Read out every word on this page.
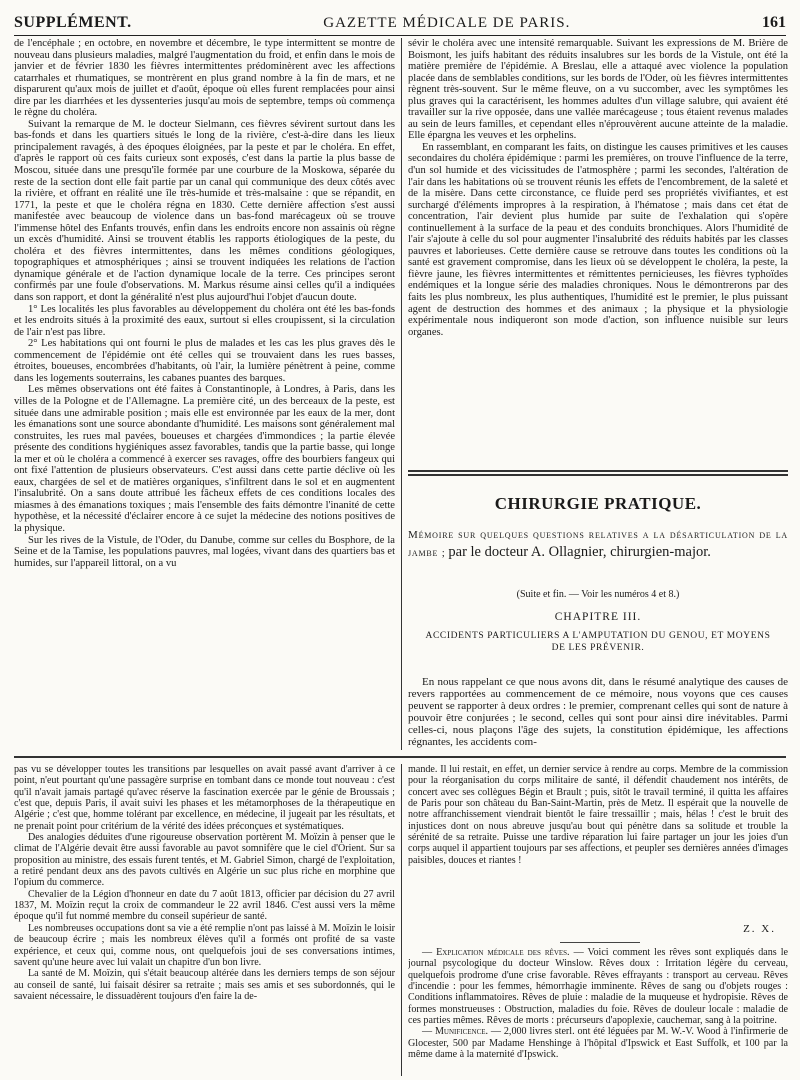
SUPPLÉMENT.	GAZETTE MÉDICALE DE PARIS.	161

de l'encéphale ; en octobre, en novembre et décembre, le type intermittent se montre de nouveau dans plusieurs maladies, malgré l'augmentation du froid, et enfin dans le mois de janvier et de février 1830 les fièvres intermittentes prédominèrent avec les affections catarrhales et rhumatiques, se montrèrent en plus grand nombre à la fin de mars, et ne disparurent qu'aux mois de juillet et d'août, époque où elles furent remplacées pour ainsi dire par les diarrhées et les dyssenteries jusqu'au mois de septembre, temps où commença le règne du choléra.

Suivant la remarque de M. le docteur Sielmann, ces fièvres sévirent surtout dans les bas-fonds et dans les quartiers situés le long de la rivière, c'est-à-dire dans les lieux principalement ravagés, à des époques éloignées, par la peste et par le choléra. En effet, d'après le rapport où ces faits curieux sont exposés, c'est dans la partie la plus basse de Moscou, située dans une presqu'île formée par une courbure de la Moskowa, séparée du reste de la section dont elle fait partie par un canal qui communique des deux côtés avec la rivière, et offrant en réalité une île très-humide et très-malsaine : que se répandit, en 1771, la peste et que le choléra régna en 1830. Cette dernière affection s'est aussi manifestée avec beaucoup de violence dans un bas-fond marécageux où se trouve l'immense hôtel des Enfants trouvés, enfin dans les endroits encore non assainis où règne un excès d'humidité. Ainsi se trouvent établis les rapports étiologiques de la peste, du choléra et des fièvres intermittentes, dans les mêmes conditions géologiques, topographiques et atmosphériques ; ainsi se trouvent indiquées les relations de l'action dynamique générale et de l'action dynamique locale de la terre. Ces principes seront confirmés par une foule d'observations. M. Markus résume ainsi celles qu'il a indiquées dans son rapport, et dont la généralité n'est plus aujourd'hui l'objet d'aucun doute.

1° Les localités les plus favorables au développement du choléra ont été les bas-fonds et les endroits situés à la proximité des eaux, surtout si elles croupissent, si la circulation de l'air n'est pas libre.

2° Les habitations qui ont fourni le plus de malades et les cas les plus graves dès le commencement de l'épidémie ont été celles qui se trouvaient dans les rues basses, étroites, boueuses, encombrées d'habitants, où l'air, la lumière pénètrent à peine, comme dans les logements souterrains, les cabanes puantes des barques.

Les mêmes observations ont été faites à Constantinople, à Londres, à Paris, dans les villes de la Pologne et de l'Allemagne. La première cité, un des berceaux de la peste, est située dans une admirable position ; mais elle est environnée par les eaux de la mer, dont les émanations sont une source abondante d'humidité. Les maisons sont généralement mal construites, les rues mal pavées, boueuses et chargées d'immondices ; la partie élevée présente des conditions hygiéniques assez favorables, tandis que la partie basse, qui longe la mer et où le choléra a commencé à exercer ses ravages, offre des bourbiers fangeux qui ont fixé l'attention de plusieurs observateurs. C'est aussi dans cette partie déclive où les eaux, chargées de sel et de matières organiques, s'infiltrent dans le sol et en augmentent l'insalubrité. On a sans doute attribué les fâcheux effets de ces conditions locales des miasmes à des émanations toxiques ; mais l'ensemble des faits démontre l'inanité de cette hypothèse, et la nécessité d'éclairer encore à ce sujet la médecine des notions positives de la physique.

Sur les rives de la Vistule, de l'Oder, du Danube, comme sur celles du Bosphore, de la Seine et de la Tamise, les populations pauvres, mal logées, vivant dans des quartiers bas et humides, sur l'appareil littoral, on a vu

sévir le choléra avec une intensité remarquable. Suivant les expressions de M. Brière de Boismont, les juifs habitant des réduits insalubres sur les bords de la Vistule, ont été la matière première de l'épidémie. A Breslau, elle a attaqué avec violence la population placée dans de semblables conditions, sur les bords de l'Oder, où les fièvres intermittentes règnent très-souvent. Sur le même fleuve, on a vu succomber, avec les symptômes les plus graves qui la caractérisent, les hommes adultes d'un village salubre, qui avaient été travailler sur la rive opposée, dans une vallée marécageuse ; tous étaient revenus malades au sein de leurs familles, et cependant elles n'éprouvèrent aucune atteinte de la maladie. Elle épargna les veuves et les orphelins.

En rassemblant, en comparant les faits, on distingue les causes primitives et les causes secondaires du choléra épidémique : parmi les premières, on trouve l'influence de la terre, d'un sol humide et des vicissitudes de l'atmosphère ; parmi les secondes, l'altération de l'air dans les habitations où se trouvent réunis les effets de l'encombrement, de la saleté et de la misère. Dans cette circonstance, ce fluide perd ses propriétés vivifiantes, et est surchargé d'éléments impropres à la respiration, à l'hématose ; mais dans cet état de concentration, l'air devient plus humide par suite de l'exhalation qui s'opère continuellement à la surface de la peau et des conduits bronchiques. Alors l'humidité de l'air s'ajoute à celle du sol pour augmenter l'insalubrité des réduits habités par les classes pauvres et laborieuses. Cette dernière cause se retrouve dans toutes les conditions où la santé est gravement compromise, dans les lieux où se développent le choléra, la peste, la fièvre jaune, les fièvres intermittentes et rémittentes pernicieuses, les fièvres typhoïdes endémiques et la longue série des maladies chroniques. Nous le démontrerons par des faits les plus nombreux, les plus authentiques, l'humidité est le premier, le plus puissant agent de destruction des hommes et des animaux ; la physique et la physiologie expérimentale nous indiqueront son mode d'action, son influence nuisible sur leurs organes.

CHIRURGIE PRATIQUE.
Mémoire sur quelques questions relatives a la désarticulation de la jambe ; par le docteur A. Ollagnier, chirurgien-major.
(Suite et fin. — Voir les numéros 4 et 8.)
CHAPITRE III.
ACCIDENTS PARTICULIERS A L'AMPUTATION DU GENOU, ET MOYENS DE LES PRÉVENIR.

En nous rappelant ce que nous avons dit, dans le résumé analytique des causes de revers rapportées au commencement de ce mémoire, nous voyons que ces causes peuvent se rapporter à deux ordres : le premier, comprenant celles qui sont de nature à pouvoir être conjurées ; le second, celles qui sont pour ainsi dire inévitables. Parmi celles-ci, nous plaçons l'âge des sujets, la constitution épidémique, les affections régnantes, les accidents com-

pas vu se développer toutes les transitions par lesquelles on avait passé avant d'arriver à ce point, n'eut pourtant qu'une passagère surprise en tombant dans ce monde tout nouveau : c'est qu'il n'avait jamais partagé qu'avec réserve la fascination exercée par le génie de Broussais ; c'est que, depuis Paris, il avait suivi les phases et les métamorphoses de la thérapeutique en Algérie ; c'est que, homme tolérant par excellence, en médecine, il jugeait par les résultats, et ne prenait point pour critérium de la vérité des idées préconçues et systématiques.

Des analogies déduites d'une rigoureuse observation portèrent M. Moïzin à penser que le climat de l'Algérie devait être aussi favorable au pavot somnifère que le ciel d'Orient. Sur sa proposition au ministre, des essais furent tentés, et M. Gabriel Simon, chargé de l'exploitation, a retiré pendant deux ans des pavots cultivés en Algérie un suc plus riche en morphine que l'opium du commerce.

Chevalier de la Légion d'honneur en date du 7 août 1813, officier par décision du 27 avril 1837, M. Moïzin reçut la croix de commandeur le 22 avril 1846. C'est aussi vers la même époque qu'il fut nommé membre du conseil supérieur de santé.

Les nombreuses occupations dont sa vie a été remplie n'ont pas laissé à M. Moïzin le loisir de beaucoup écrire ; mais les nombreux élèves qu'il a formés ont profité de sa vaste expérience, et ceux qui, comme nous, ont quelquefois joui de ses conversations intimes, savent qu'une heure avec lui valait un chapitre d'un bon livre.

La santé de M. Moïzin, qui s'était beaucoup altérée dans les derniers temps de son séjour au conseil de santé, lui faisait désirer sa retraite ; mais ses amis et ses subordonnés, qui le savaient nécessaire, le dissuadèrent toujours d'en faire la de-

mande. Il lui restait, en effet, un dernier service à rendre au corps. Membre de la commission pour la réorganisation du corps militaire de santé, il défendit chaudement nos intérêts, de concert avec ses collègues Bégin et Brault ; puis, sitôt le travail terminé, il quitta les affaires de Paris pour son château du Ban-Saint-Martin, près de Metz. Il espérait que la nouvelle de notre affranchissement viendrait bientôt le faire tressaillir ; mais, hélas ! c'est le bruit des injustices dont on nous abreuve jusqu'au bout qui pénètre dans sa solitude et trouble la sérénité de sa retraite. Puisse une tardive réparation lui faire partager un jour les joies d'un corps auquel il appartient toujours par ses affections, et peupler ses dernières années d'images paisibles, douces et riantes !

Z. X.

— Explication médicale des rêves. — Voici comment les rêves sont expliqués dans le journal psycologique du docteur Winslow. Rêves doux : Irritation légère du cerveau, quelquefois prodrome d'une crise favorable. Rêves effrayants : transport au cerveau. Rêves d'incendie : pour les femmes, hémorrhagie imminente. Rêves de sang ou d'objets rouges : Conditions inflammatoires. Rêves de pluie : maladie de la muqueuse et hydropisie. Rêves de formes monstrueuses : Obstruction, maladies du foie. Rêves de douleur locale : maladie de ces parties mêmes. Rêves de morts : précurseurs d'apoplexie, cauchemar, sang à la poitrine.

— Munificence. — 2,000 livres sterl. ont été léguées par M. W.-V. Wood à l'infirmerie de Glocester, 500 par Madame Henshinge à l'hôpital d'Ipswick et East Suffolk, et 100 par la même dame à la maternité d'Ipswick.
